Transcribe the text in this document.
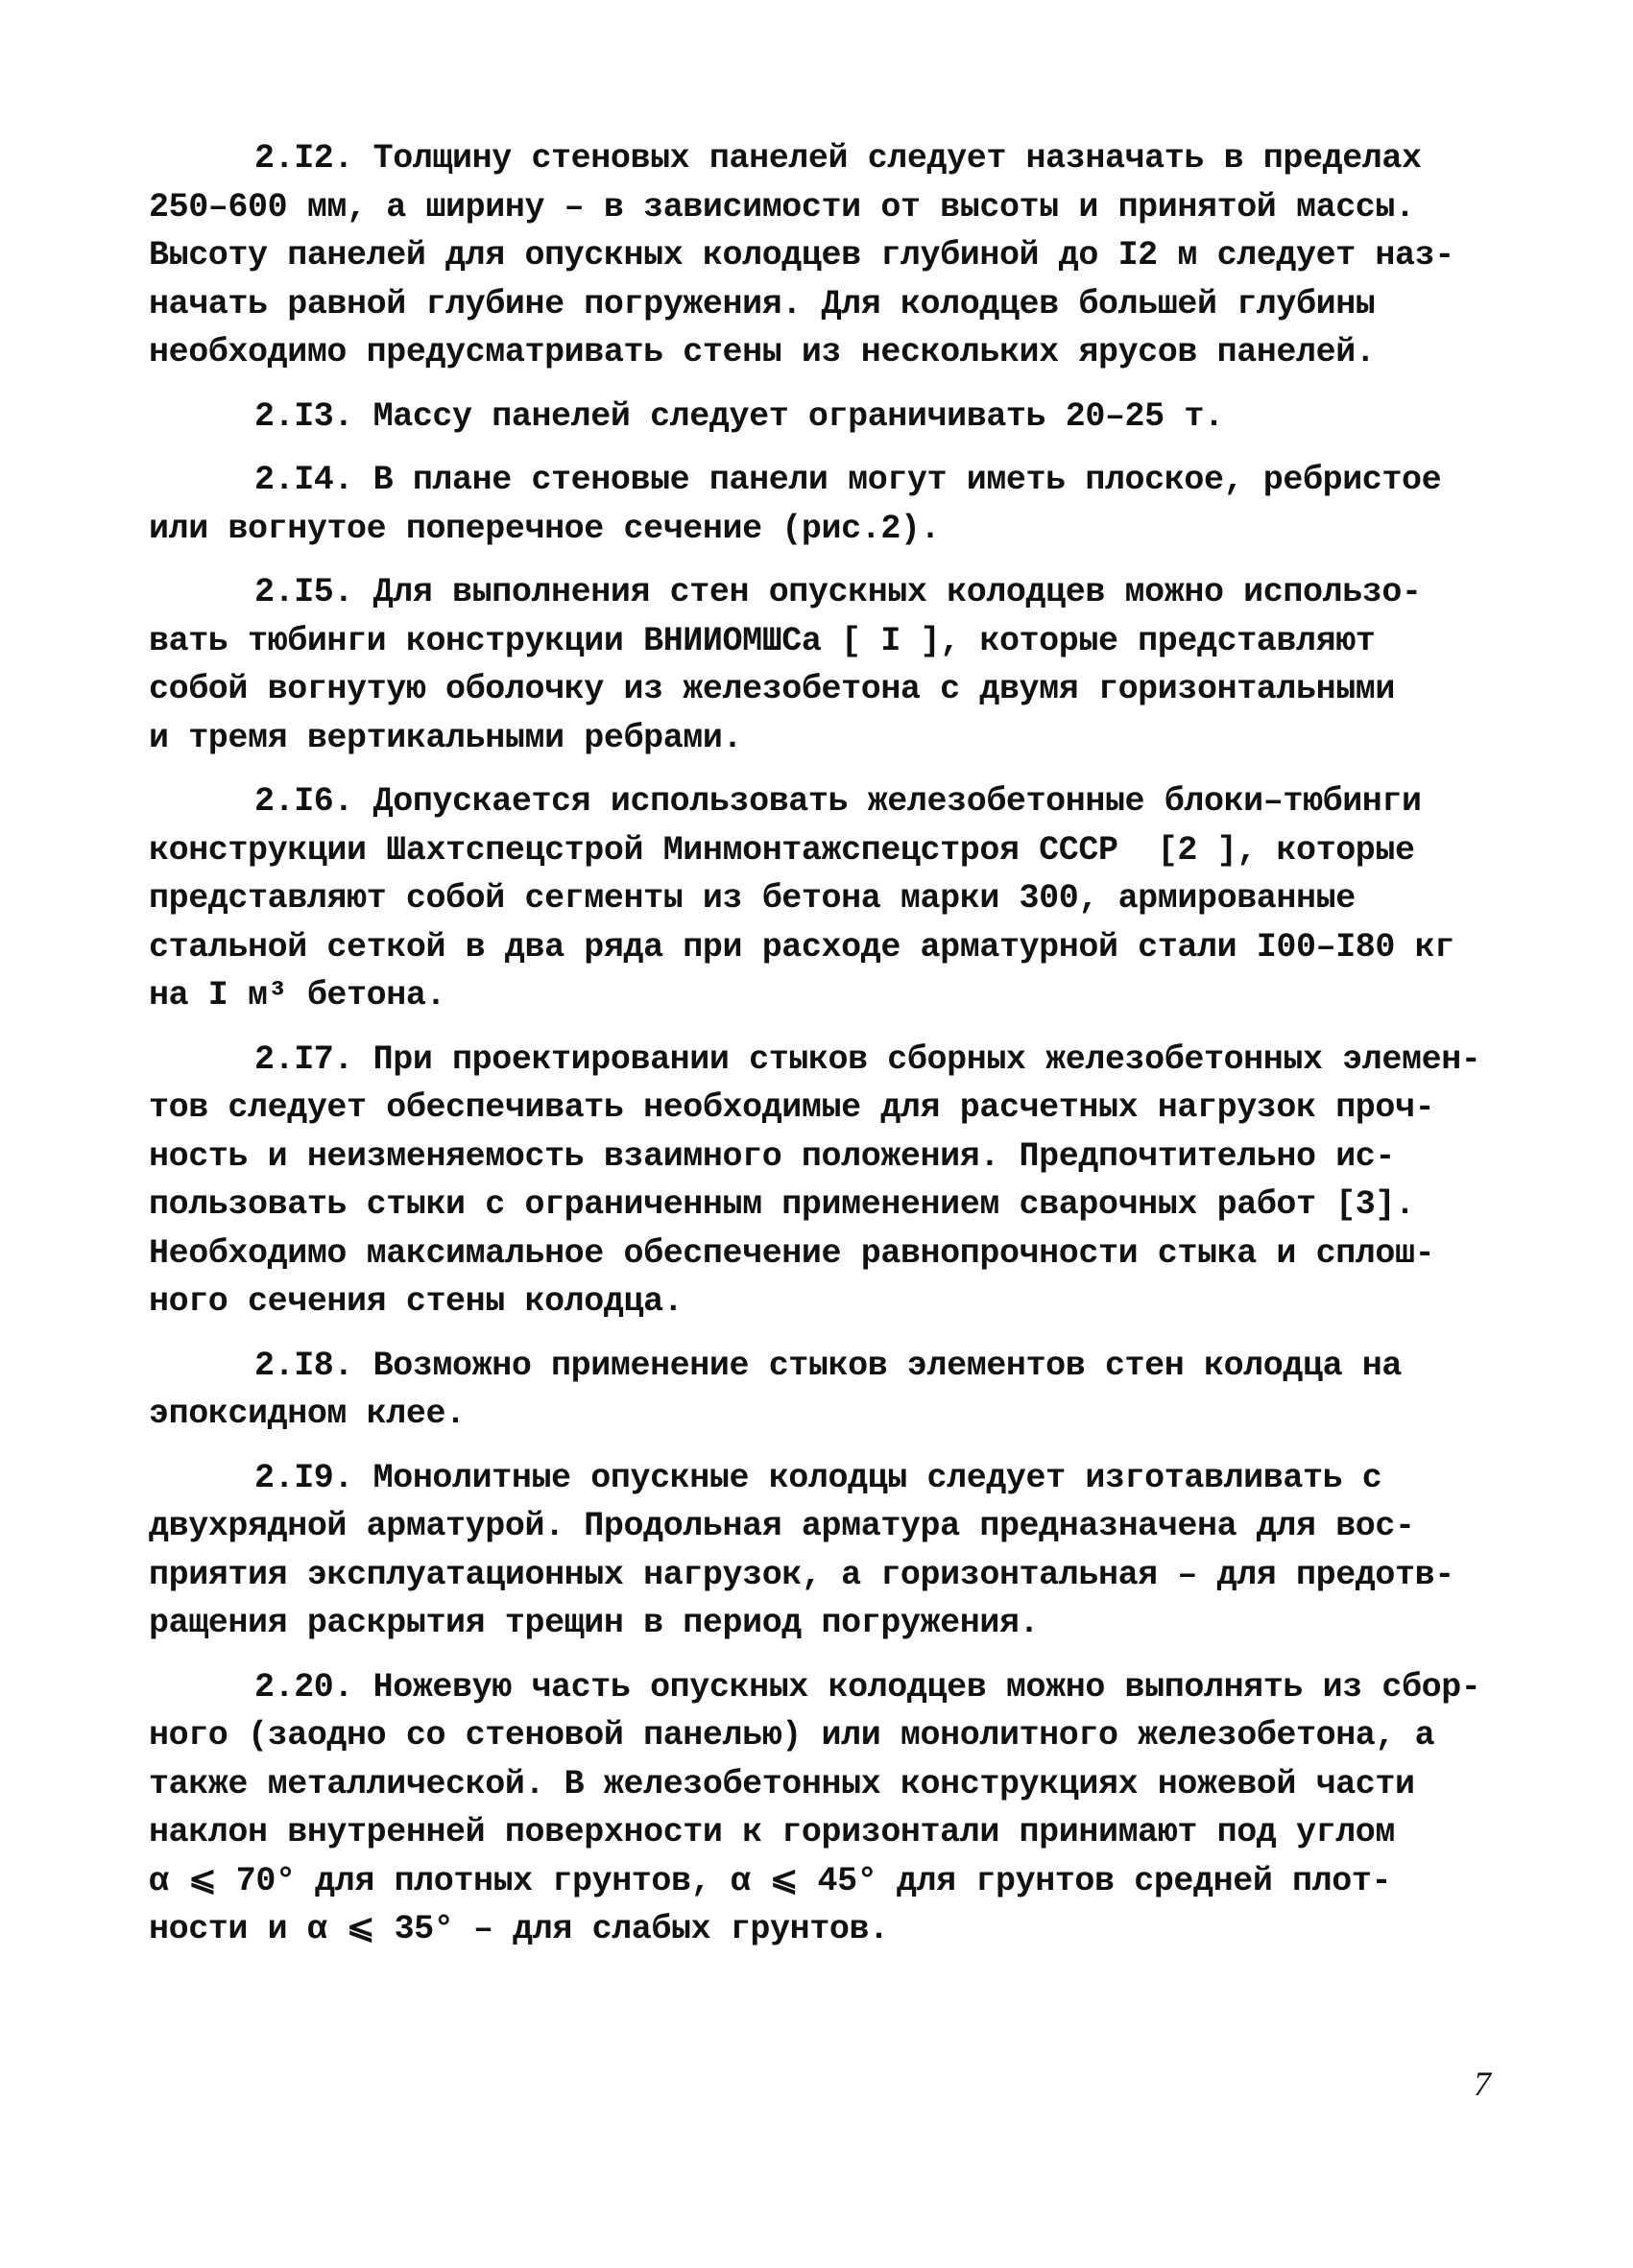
2.I2. Толщину стеновых панелей следует назначать в пределах
250–600 мм, а ширину – в зависимости от высоты и принятой массы.
Высоту панелей для опускных колодцев глубиной до I2 м следует наз-
начать равной глубине погружения. Для колодцев большей глубины
необходимо предусматривать стены из нескольких ярусов панелей.
2.I3. Массу панелей следует ограничивать 20–25 т.
2.I4. В плане стеновые панели могут иметь плоское, ребристое
или вогнутое поперечное сечение (рис.2).
2.I5. Для выполнения стен опускных колодцев можно использо-
вать тюбинги конструкции ВНИИОМШСа [ I ], которые представляют
собой вогнутую оболочку из железобетона с двумя горизонтальными
и тремя вертикальными ребрами.
2.I6. Допускается использовать железобетонные блоки–тюбинги
конструкции Шахтспецстрой Минмонтажспецстроя СССР  [2 ], которые
представляют собой сегменты из бетона марки 300, армированные
стальной сеткой в два ряда при расходе арматурной стали I00–I80 кг
на I м³ бетона.
2.I7. При проектировании стыков сборных железобетонных элемен-
тов следует обеспечивать необходимые для расчетных нагрузок проч-
ность и неизменяемость взаимного положения. Предпочтительно ис-
пользовать стыки с ограниченным применением сварочных работ [3].
Необходимо максимальное обеспечение равнопрочности стыка и сплош-
ного сечения стены колодца.
2.I8. Возможно применение стыков элементов стен колодца на
эпоксидном клее.
2.I9. Монолитные опускные колодцы следует изготавливать с
двухрядной арматурой. Продольная арматура предназначена для вос-
приятия эксплуатационных нагрузок, а горизонтальная – для предотв-
ращения раскрытия трещин в период погружения.
2.20. Ножевую часть опускных колодцев можно выполнять из сбор-
ного (заодно со стеновой панелью) или монолитного железобетона, а
также металлической. В железобетонных конструкциях ножевой части
наклон внутренней поверхности к горизонтали принимают под углом
α ⩽ 70° для плотных грунтов, α ⩽ 45° для грунтов средней плот-
ности и α ⩽ 35° – для слабых грунтов.
7
